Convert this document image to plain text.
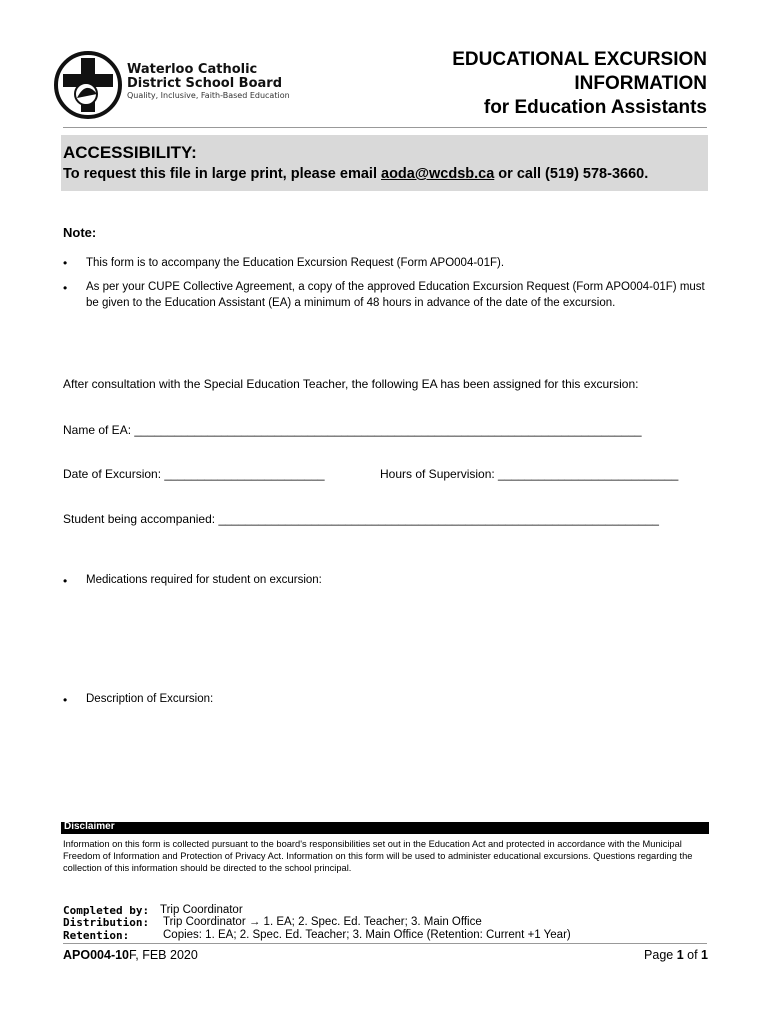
Waterloo Catholic
District School Board
Quality, Inclusive, Faith-Based Education
EDUCATIONAL EXCURSION
INFORMATION
for Education Assistants
ACCESSIBILITY:
To request this file in large print, please email aoda@wcdsb.ca or call (519) 578-3660.
Note:
• This form is to accompany the Education Excursion Request (Form APO004-01F).
• As per your CUPE Collective Agreement, a copy of the approved Education Excursion Request (Form APO004-01F) must be given to the Education Assistant (EA) a minimum of 48 hours in advance of the date of the excursion.
After consultation with the Special Education Teacher, the following EA has been assigned for this excursion:
Name of EA: ____________________________________________________________________________
Date of Excursion: ________________________	Hours of Supervision: ___________________________
Student being accompanied: __________________________________________________________________
• Medications required for student on excursion:
• Description of Excursion:
Disclaimer
Information on this form is collected pursuant to the board's responsibilities set out in the Education Act and protected in accordance with the Municipal Freedom of Information and Protection of Privacy Act. Information on this form will be used to administer educational excursions. Questions regarding the collection of this information should be directed to the school principal.
Completed by: Trip Coordinator
Distribution: Trip Coordinator → 1. EA; 2. Spec. Ed. Teacher; 3. Main Office
Retention:	Copies: 1. EA; 2. Spec. Ed. Teacher; 3. Main Office (Retention: Current +1 Year)
APO004-10F, FEB 2020	Page 1 of 1
